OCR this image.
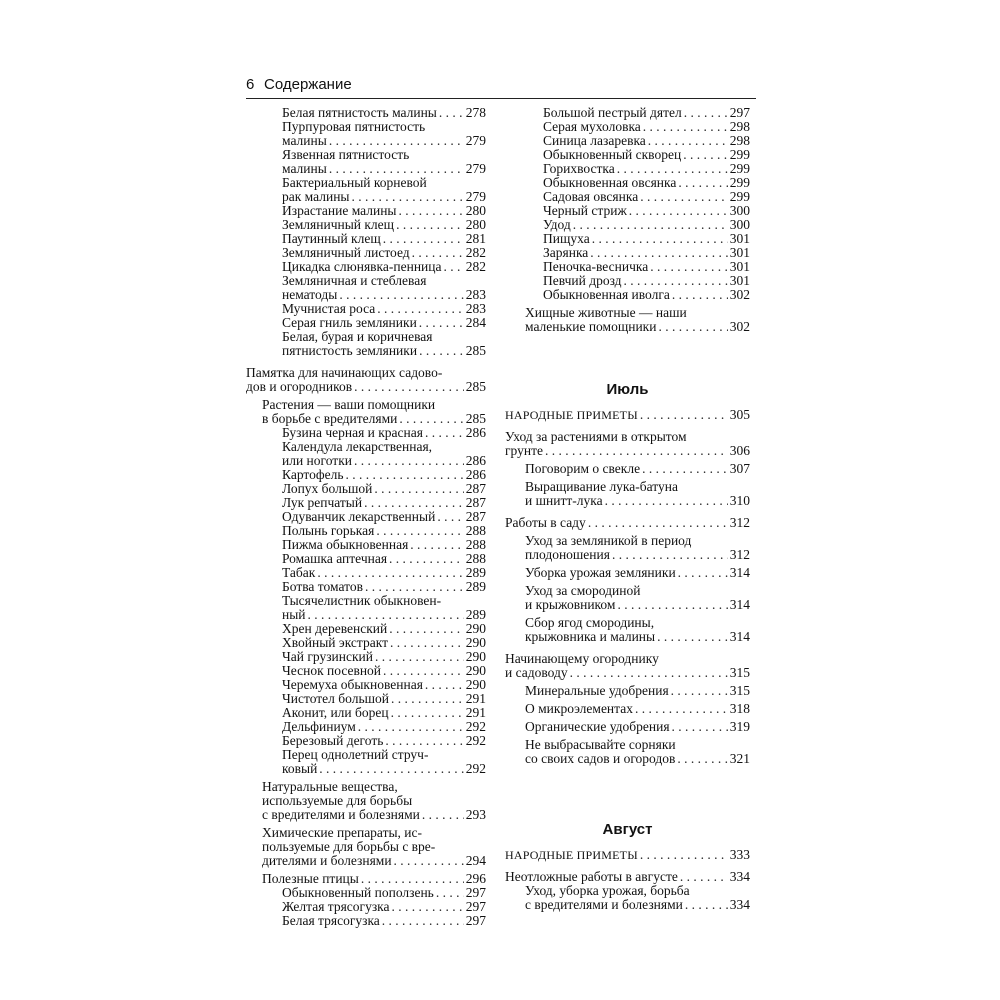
6 Содержание
Белая пятнистость малины . . . 278
Пурпуровая пятнистость
малины . . .	279
Язвенная пятнистость
малины . . .	279
Бактериальный корневой
рак малины . . .	279
Израстание малины . . .	280
Земляничный клещ . . .	280
Паутинный клещ . . .	281
Земляничный листоед . . .	282
Цикадка слюнявка-пенница . . . 282
Земляничная и стеблевая
нематоды . . .	283
Мучнистая роса . . .	283
Серая гниль земляники . . .	284
Белая, бурая и коричневая
пятнистость земляники . . .	285
Памятка для начинающих садово-
дов и огородников . . .	285
Растения — ваши помощники
в борьбе с вредителями . . .	285
Бузина черная и красная . . .	286
Календула лекарственная,
или ноготки . . .	286
Картофель . . .	286
Лопух большой . . .	287
Лук репчатый . . .	287
Одуванчик лекарственный . . . 287
Полынь горькая . . .	288
Пижма обыкновенная . . .	288
Ромашка аптечная . . .	288
Табак . . .	289
Ботва томатов . . .	289
Тысячелистник обыкновен-
ный . . .	289
Хрен деревенский . . .	290
Хвойный экстракт . . .	290
Чай грузинский . . .	290
Чеснок посевной . . .	290
Черемуха обыкновенная . . .	290
Чистотел большой . . .	291
Аконит, или борец . . .	291
Дельфиниум . . .	292
Березовый деготь . . .	292
Перец однолетний струч-
ковый . . .	292
Натуральные вещества,
используемые для борьбы
с вредителями и болезнями . . .	293
Химические препараты, ис-
пользуемые для борьбы с вре-
дителями и болезнями . . .	294
Полезные птицы . . .	296
Обыкновенный поползень . . . 297
Желтая трясогузка . . .	297
Белая трясогузка . . .	297
Большой пестрый дятел . . .	297
Серая мухоловка . . .	298
Синица лазаревка . . .	298
Обыкновенный скворец . . .	299
Горихвостка . . .	299
Обыкновенная овсянка . . .	299
Садовая овсянка . . .	299
Черный стриж . . .	300
Удод . . .	300
Пищуха . . .	301
Зарянка . . .	301
Пеночка-весничка . . .	301
Певчий дрозд . . .	301
Обыкновенная иволга . . .	302
Хищные животные — наши
маленькие помощники . . .	302
Июль
НАРОДНЫЕ ПРИМЕТЫ . . .	305
Уход за растениями в открытом
грунте . . .	306
Поговорим о свекле . . .	307
Выращивание лука-батуна
и шнитт-лука . . .	310
Работы в саду . . .	312
Уход за земляникой в период
плодоношения . . .	312
Уборка урожая земляники . . .	314
Уход за смородиной
и крыжовником . . .	314
Сбор ягод смородины,
крыжовника и малины . . .	314
Начинающему огороднику
и садоводу . . .	315
Минеральные удобрения . . .	315
О микроэлементах . . .	318
Органические удобрения . . .	319
Не выбрасывайте сорняки
со своих садов и огородов . . .	321
Август
НАРОДНЫЕ ПРИМЕТЫ . . .	333
Неотложные работы в августе . . .	334
Уход, уборка урожая, борьба
с вредителями и болезнями . . .	334
